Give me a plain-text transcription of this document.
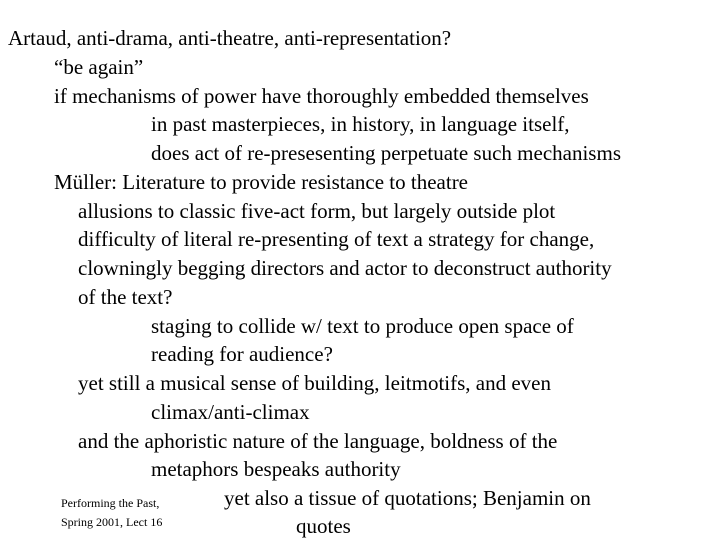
Artaud, anti-drama, anti-theatre, anti-representation?
“be again”
if mechanisms of power have thoroughly embedded themselves
in past masterpieces, in history, in language itself,
does act of re-presesenting perpetuate such mechanisms
Müller: Literature to provide resistance to theatre
allusions to classic five-act form, but largely outside plot
difficulty of literal re-presenting of text a strategy for change,
clowningly begging directors and actor to deconstruct authority
of the text?
staging to collide w/ text to produce open space of
reading for audience?
yet still a musical sense of building, leitmotifs, and even
climax/anti-climax
and the aphoristic nature of the language, boldness of the
metaphors bespeaks authority
yet also a tissue of quotations; Benjamin on
quotes
Performing the Past,
Spring 2001, Lect 16
